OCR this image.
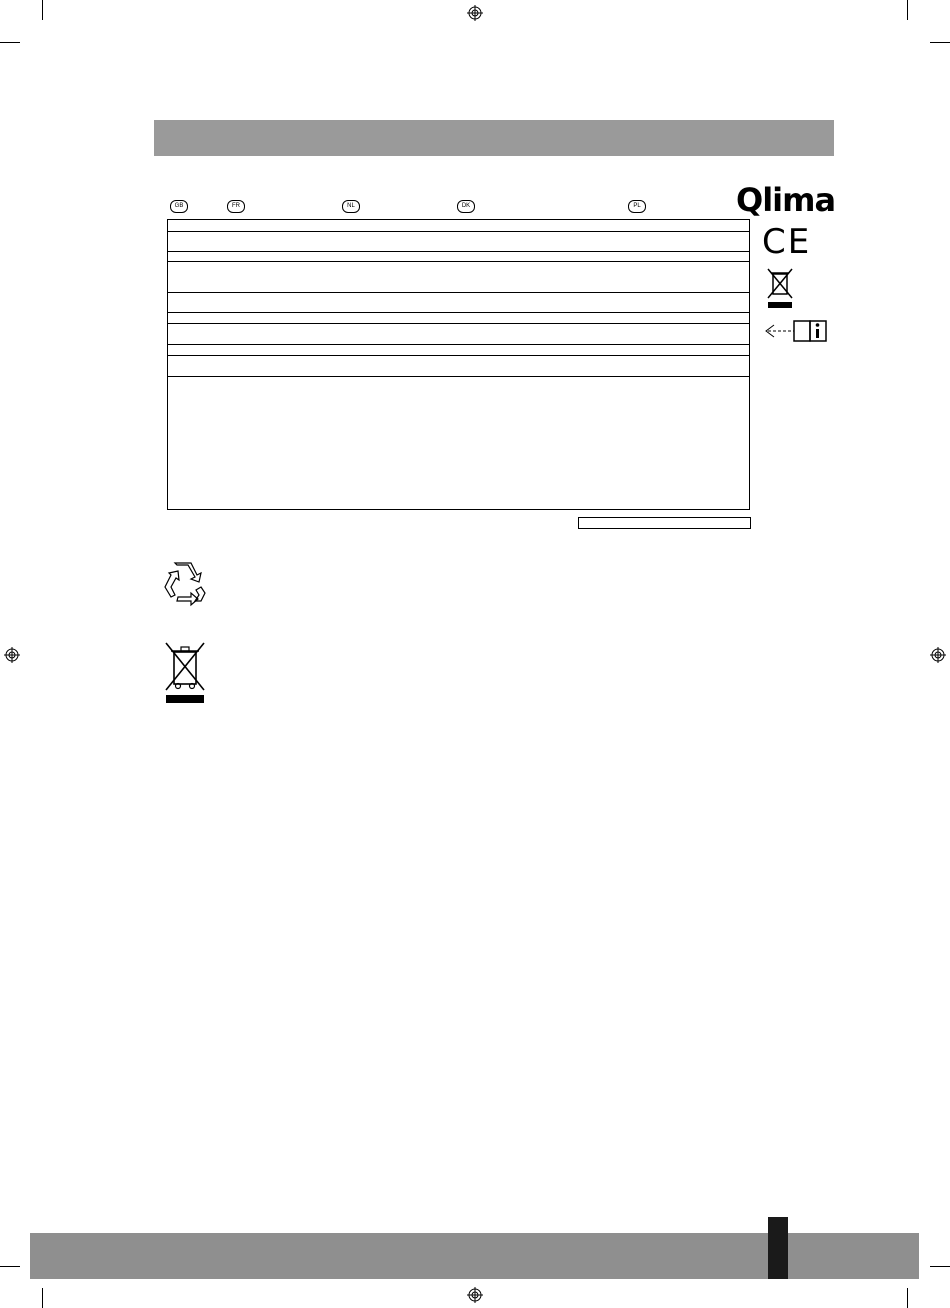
GB	FR	NL	DK	PL	Qlima
CE
